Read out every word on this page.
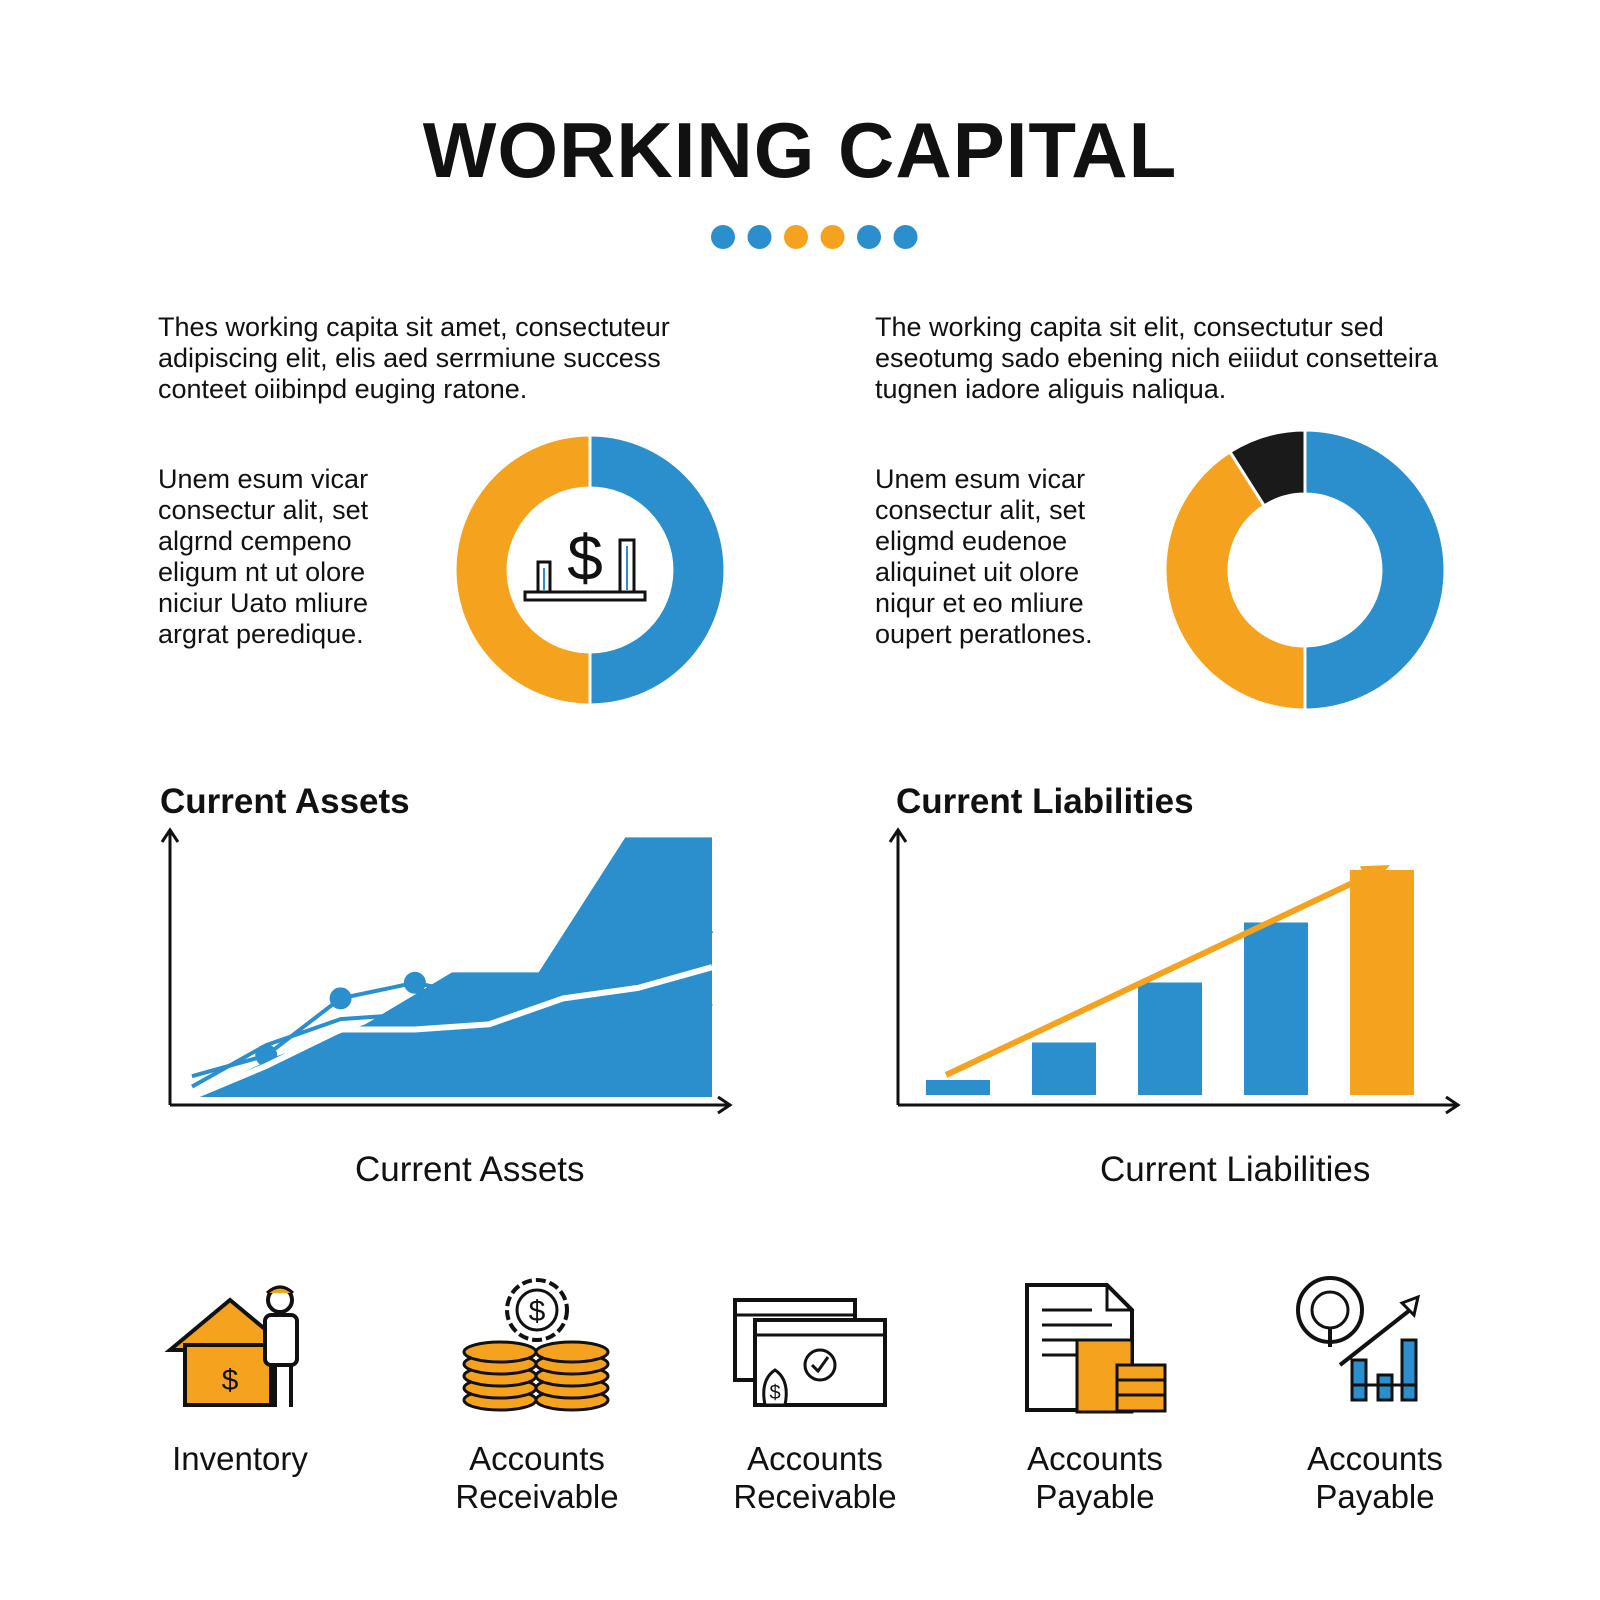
WORKING CAPITAL
Thes working capita sit amet, consectuteur adipiscing elit, elis aed serrmiune success conteet oiibinpd euging ratone.
Unem esum vicar consectur alit, set algrnd cempeno eligum nt ut olore niciur Uato mliure argrat peredique.
The working capita sit elit, consectutur sed eseotumg sado ebening nich eiiidut consetteira tugnen iadore aliguis naliqua.
Unem esum vicar consectur alit, set eligmd eudenoe aliquinet uit olore niqur et eo mliure oupert peratlones.
$
Current Assets	Current Liabilities
Current Assets	Current Liabilities
$
$
$
Inventory	Accounts
Receivable
Accounts
Receivable
Accounts
Payable
Accounts
Payable
